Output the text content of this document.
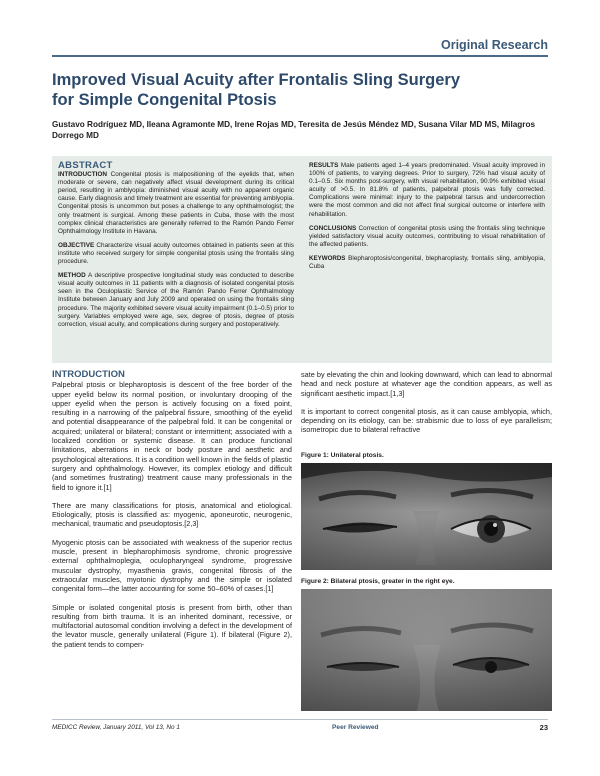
Original Research
Improved Visual Acuity after Frontalis Sling Surgery
for Simple Congenital Ptosis
Gustavo Rodríguez MD, Ileana Agramonte MD, Irene Rojas MD, Teresita de Jesús Méndez MD, Susana Vilar MD MS, Milagros Dorrego MD
ABSTRACT

INTRODUCTION Congenital ptosis is malpositioning of the eyelids that, when moderate or severe, can negatively affect visual development during its critical period, resulting in amblyopia: diminished visual acuity with no apparent organic cause. Early diagnosis and timely treatment are essential for preventing amblyopia. Congenital ptosis is uncommon but poses a challenge to any ophthalmologist; the only treatment is surgical. Among these patients in Cuba, those with the most complex clinical characteristics are generally referred to the Ramón Pando Ferrer Ophthalmology Institute in Havana.

OBJECTIVE Characterize visual acuity outcomes obtained in patients seen at this institute who received surgery for simple congenital ptosis using the frontalis sling procedure.

METHOD A descriptive prospective longitudinal study was conducted to describe visual acuity outcomes in 11 patients with a diagnosis of isolated congenital ptosis seen in the Oculoplastic Service of the Ramón Pando Ferrer Ophthalmology Institute between January and July 2009 and operated on using the frontalis sling procedure. The majority exhibited severe visual acuity impairment (0.1–0.5) prior to surgery. Variables employed were age, sex, degree of ptosis, degree of ptosis correction, visual acuity, and complications during surgery and postoperatively.

RESULTS Male patients aged 1–4 years predominated. Visual acuity improved in 100% of patients, to varying degrees. Prior to surgery, 72% had visual acuity of 0.1–0.5. Six months post-surgery, with visual rehabilitation, 90.9% exhibited visual acuity of >0.5. In 81.8% of patients, palpebral ptosis was fully corrected. Complications were minimal: injury to the palpebral tarsus and undercorrection were the most common and did not affect final surgical outcome or interfere with rehabilitation.

CONCLUSIONS Correction of congenital ptosis using the frontalis sling technique yielded satisfactory visual acuity outcomes, contributing to visual rehabilitation of the affected patients.

KEYWORDS Blepharoptosis/congenital, blepharoplasty, frontalis sling, amblyopia, Cuba

INTRODUCTION

Palpebral ptosis or blepharoptosis is descent of the free border of the upper eyelid below its normal position, or involuntary drooping of the upper eyelid when the person is actively focusing on a fixed point, resulting in a narrowing of the palpebral fissure, smoothing of the eyelid and potential disappearance of the palpebral fold. It can be congenital or acquired; unilateral or bilateral; constant or intermittent; associated with a localized condition or systemic disease. It can produce functional limitations, aberrations in neck or body posture and aesthetic and psychological alterations. It is a condition well known in the fields of plastic surgery and ophthalmology. However, its complex etiology and difficult (and sometimes frustrating) treatment cause many professionals in the field to ignore it.[1]

There are many classifications for ptosis, anatomical and etiological. Etiologically, ptosis is classified as: myogenic, aponeurotic, neurogenic, mechanical, traumatic and pseudoptosis.[2,3]

Myogenic ptosis can be associated with weakness of the superior rectus muscle, present in blepharophimosis syndrome, chronic progressive external ophthalmoplegia, oculopharyngeal syndrome, progressive muscular dystrophy, myasthenia gravis, congenital fibrosis of the extraocular muscles, myotonic dystrophy and the simple or isolated congenital form—the latter accounting for some 50–60% of cases.[1]

Simple or isolated congenital ptosis is present from birth, other than resulting from birth trauma. It is an inherited dominant, recessive, or multifactorial autosomal condition involving a defect in the development of the levator muscle, generally unilateral (Figure 1). If bilateral (Figure 2), the patient tends to compen-

sate by elevating the chin and looking downward, which can lead to abnormal head and neck posture at whatever age the condition appears, as well as significant aesthetic impact.[1,3]

It is important to correct congenital ptosis, as it can cause amblyopia, which, depending on its etiology, can be: strabismic due to loss of eye parallelism; isometropic due to bilateral refractive

Figure 1: Unilateral ptosis.
Figure 2: Bilateral ptosis, greater in the right eye.
MEDICC Review, January 2011, Vol 13, No 1	Peer Reviewed	23
